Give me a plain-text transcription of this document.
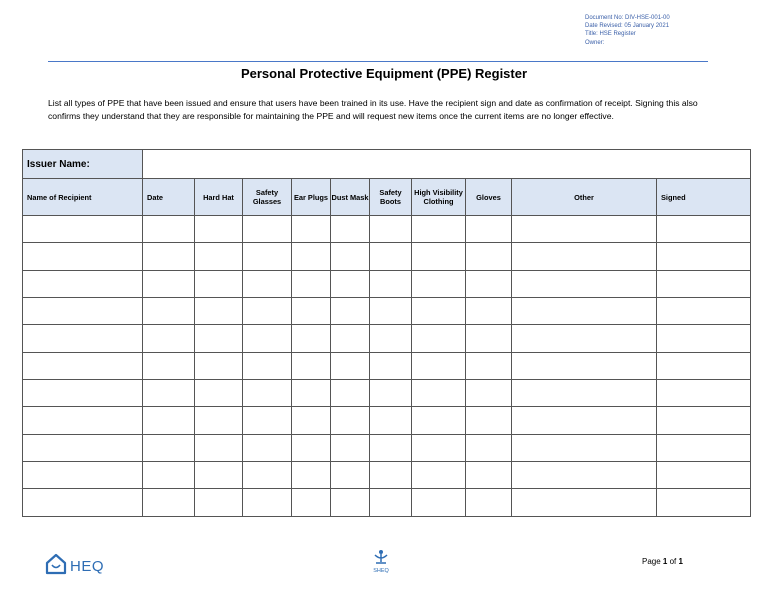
Document No: DIV-HSE-001-00
Date Revised: 05 January 2021
Title: HSE Register
Owner:
Personal Protective Equipment (PPE) Register
List all types of PPE that have been issued and ensure that users have been trained in its use. Have the recipient sign and date as confirmation of receipt. Signing this also confirms they understand that they are responsible for maintaining the PPE and will request new items once the current items are no longer effective.
Issuer Name:										
Name of Recipient	Date	Hard Hat	Safety Glasses	Ear Plugs	Dust Mask	Safety Boots	High Visibility Clothing	Gloves	Other	Signed

HEQ	SHEQ
Page 1 of 1
